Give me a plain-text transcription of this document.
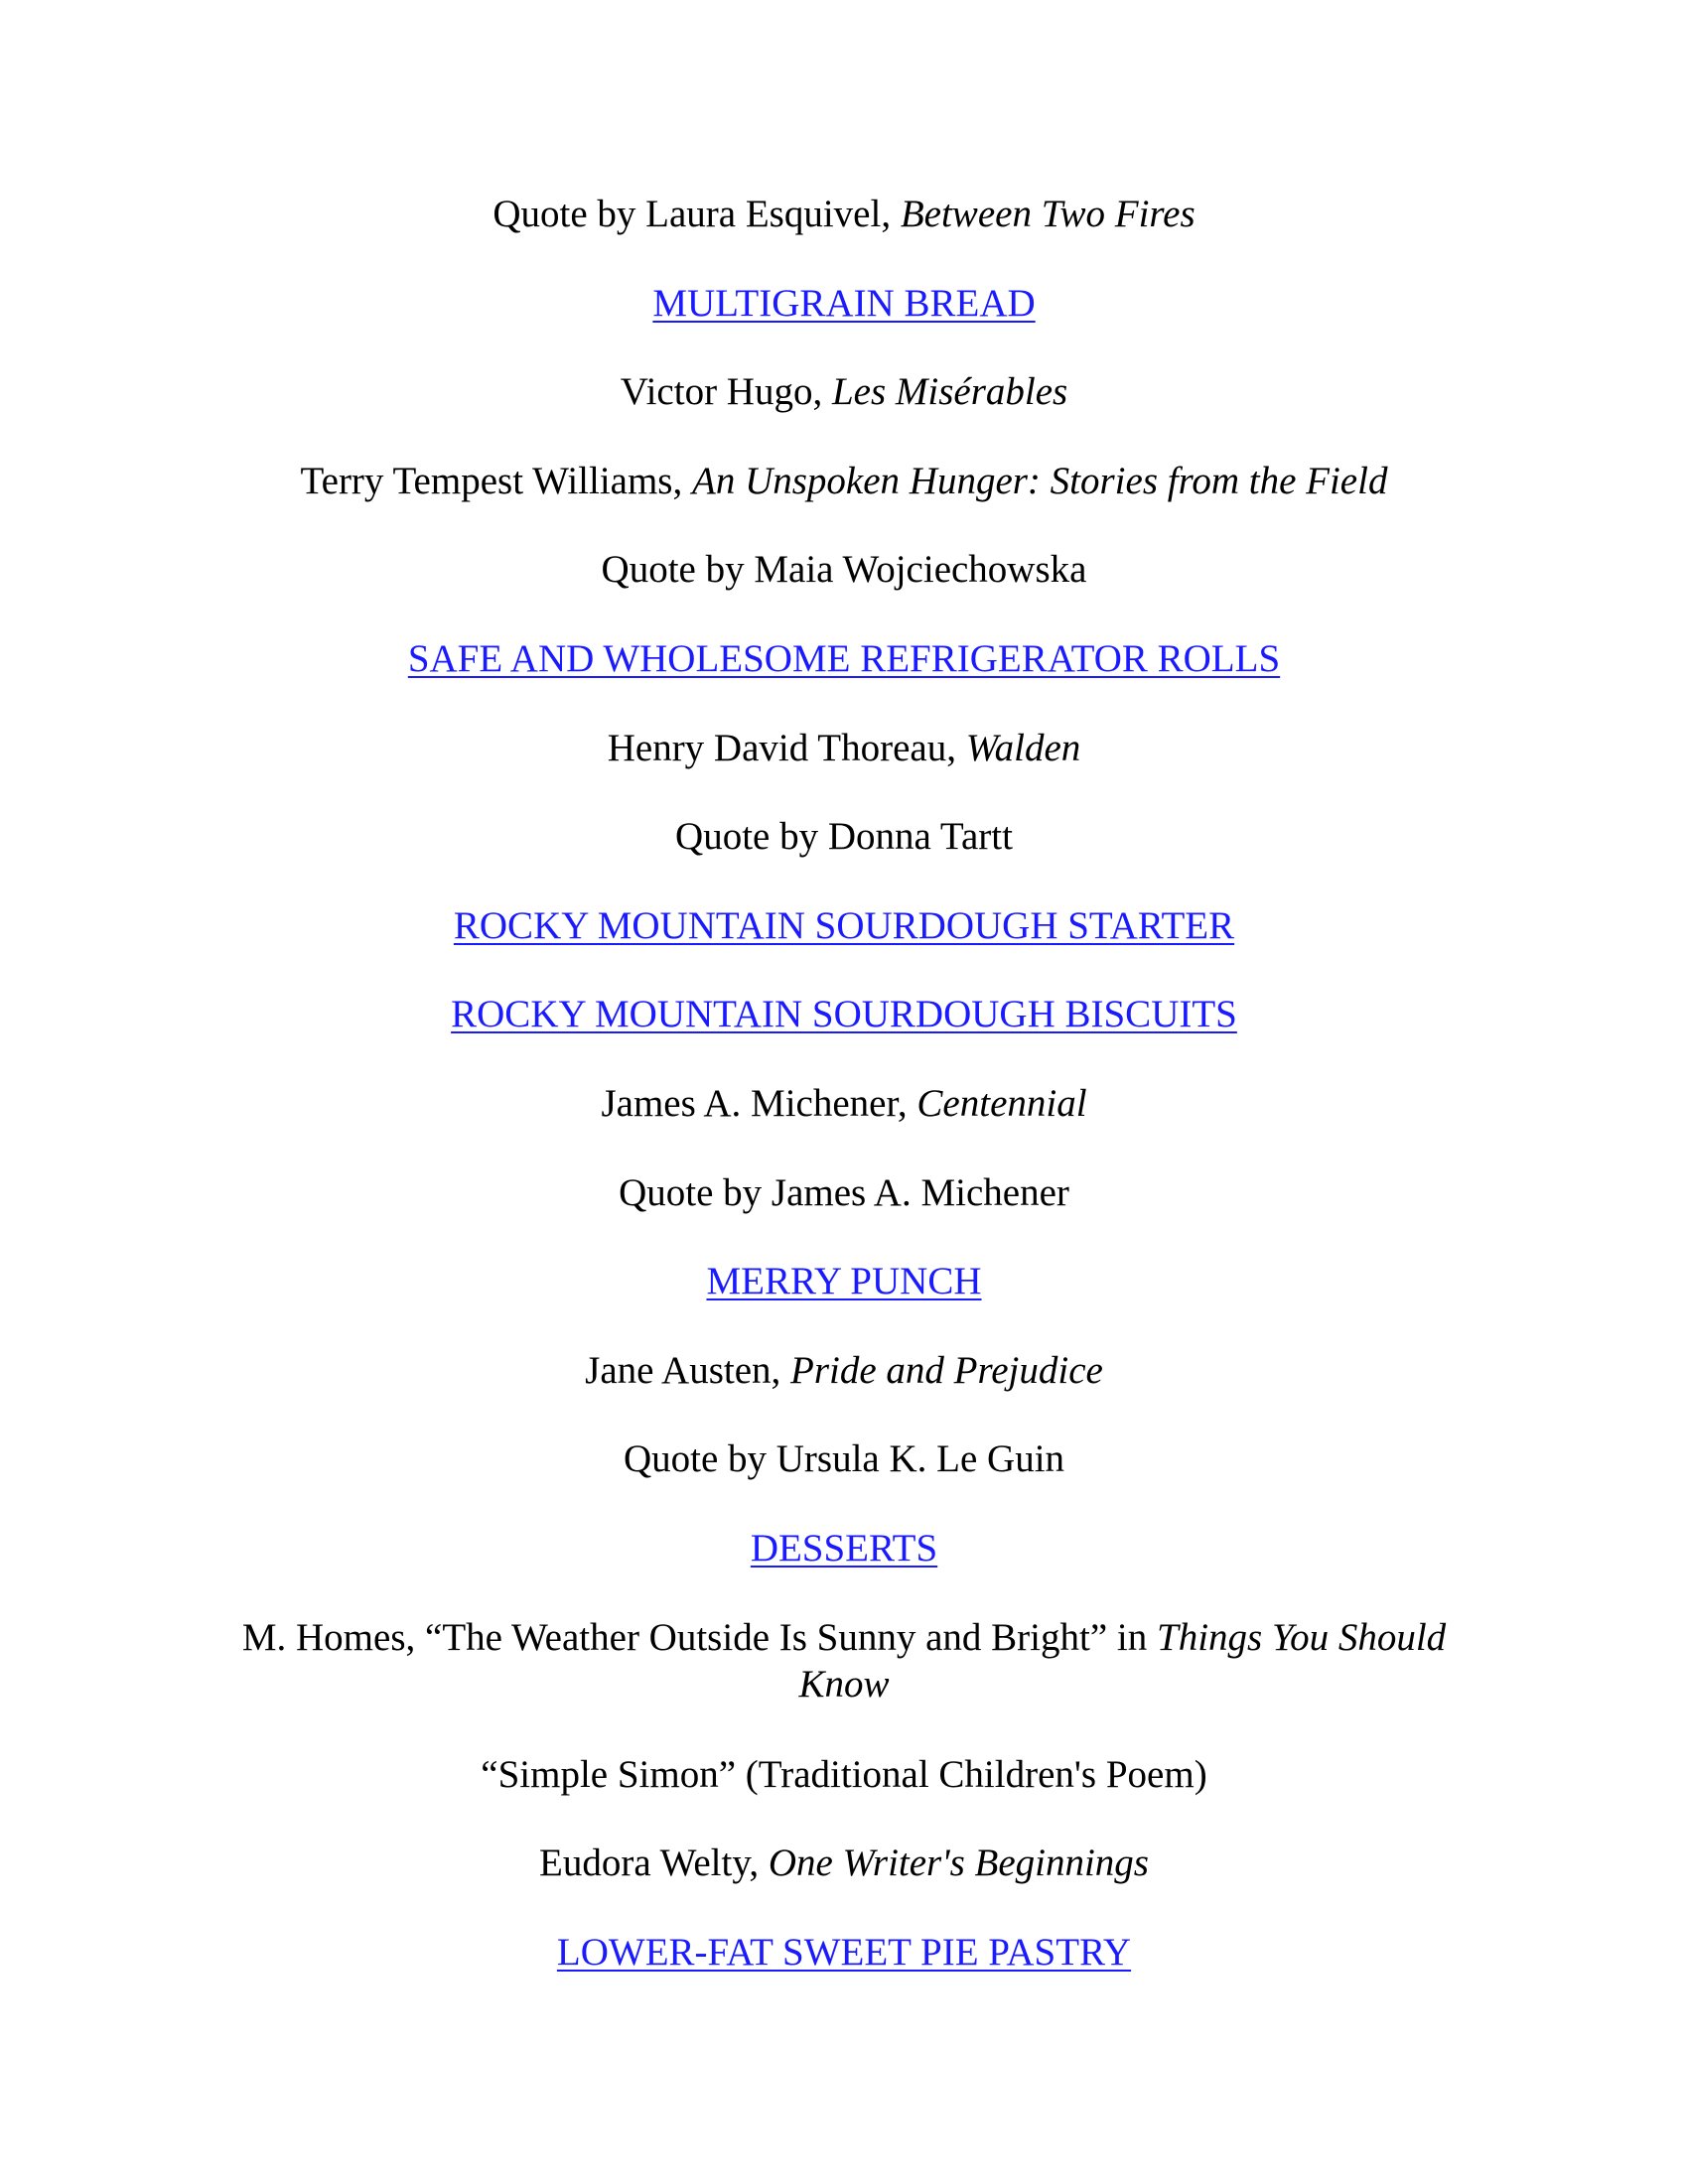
Quote by Laura Esquivel, Between Two Fires

MULTIGRAIN BREAD

Victor Hugo, Les Misérables

Terry Tempest Williams, An Unspoken Hunger: Stories from the Field

Quote by Maia Wojciechowska

SAFE AND WHOLESOME REFRIGERATOR ROLLS

Henry David Thoreau, Walden

Quote by Donna Tartt

ROCKY MOUNTAIN SOURDOUGH STARTER

ROCKY MOUNTAIN SOURDOUGH BISCUITS

James A. Michener, Centennial

Quote by James A. Michener

MERRY PUNCH

Jane Austen, Pride and Prejudice

Quote by Ursula K. Le Guin

DESSERTS

M. Homes, “The Weather Outside Is Sunny and Bright” in Things You Should Know

“Simple Simon” (Traditional Children's Poem)

Eudora Welty, One Writer's Beginnings

LOWER-FAT SWEET PIE PASTRY
